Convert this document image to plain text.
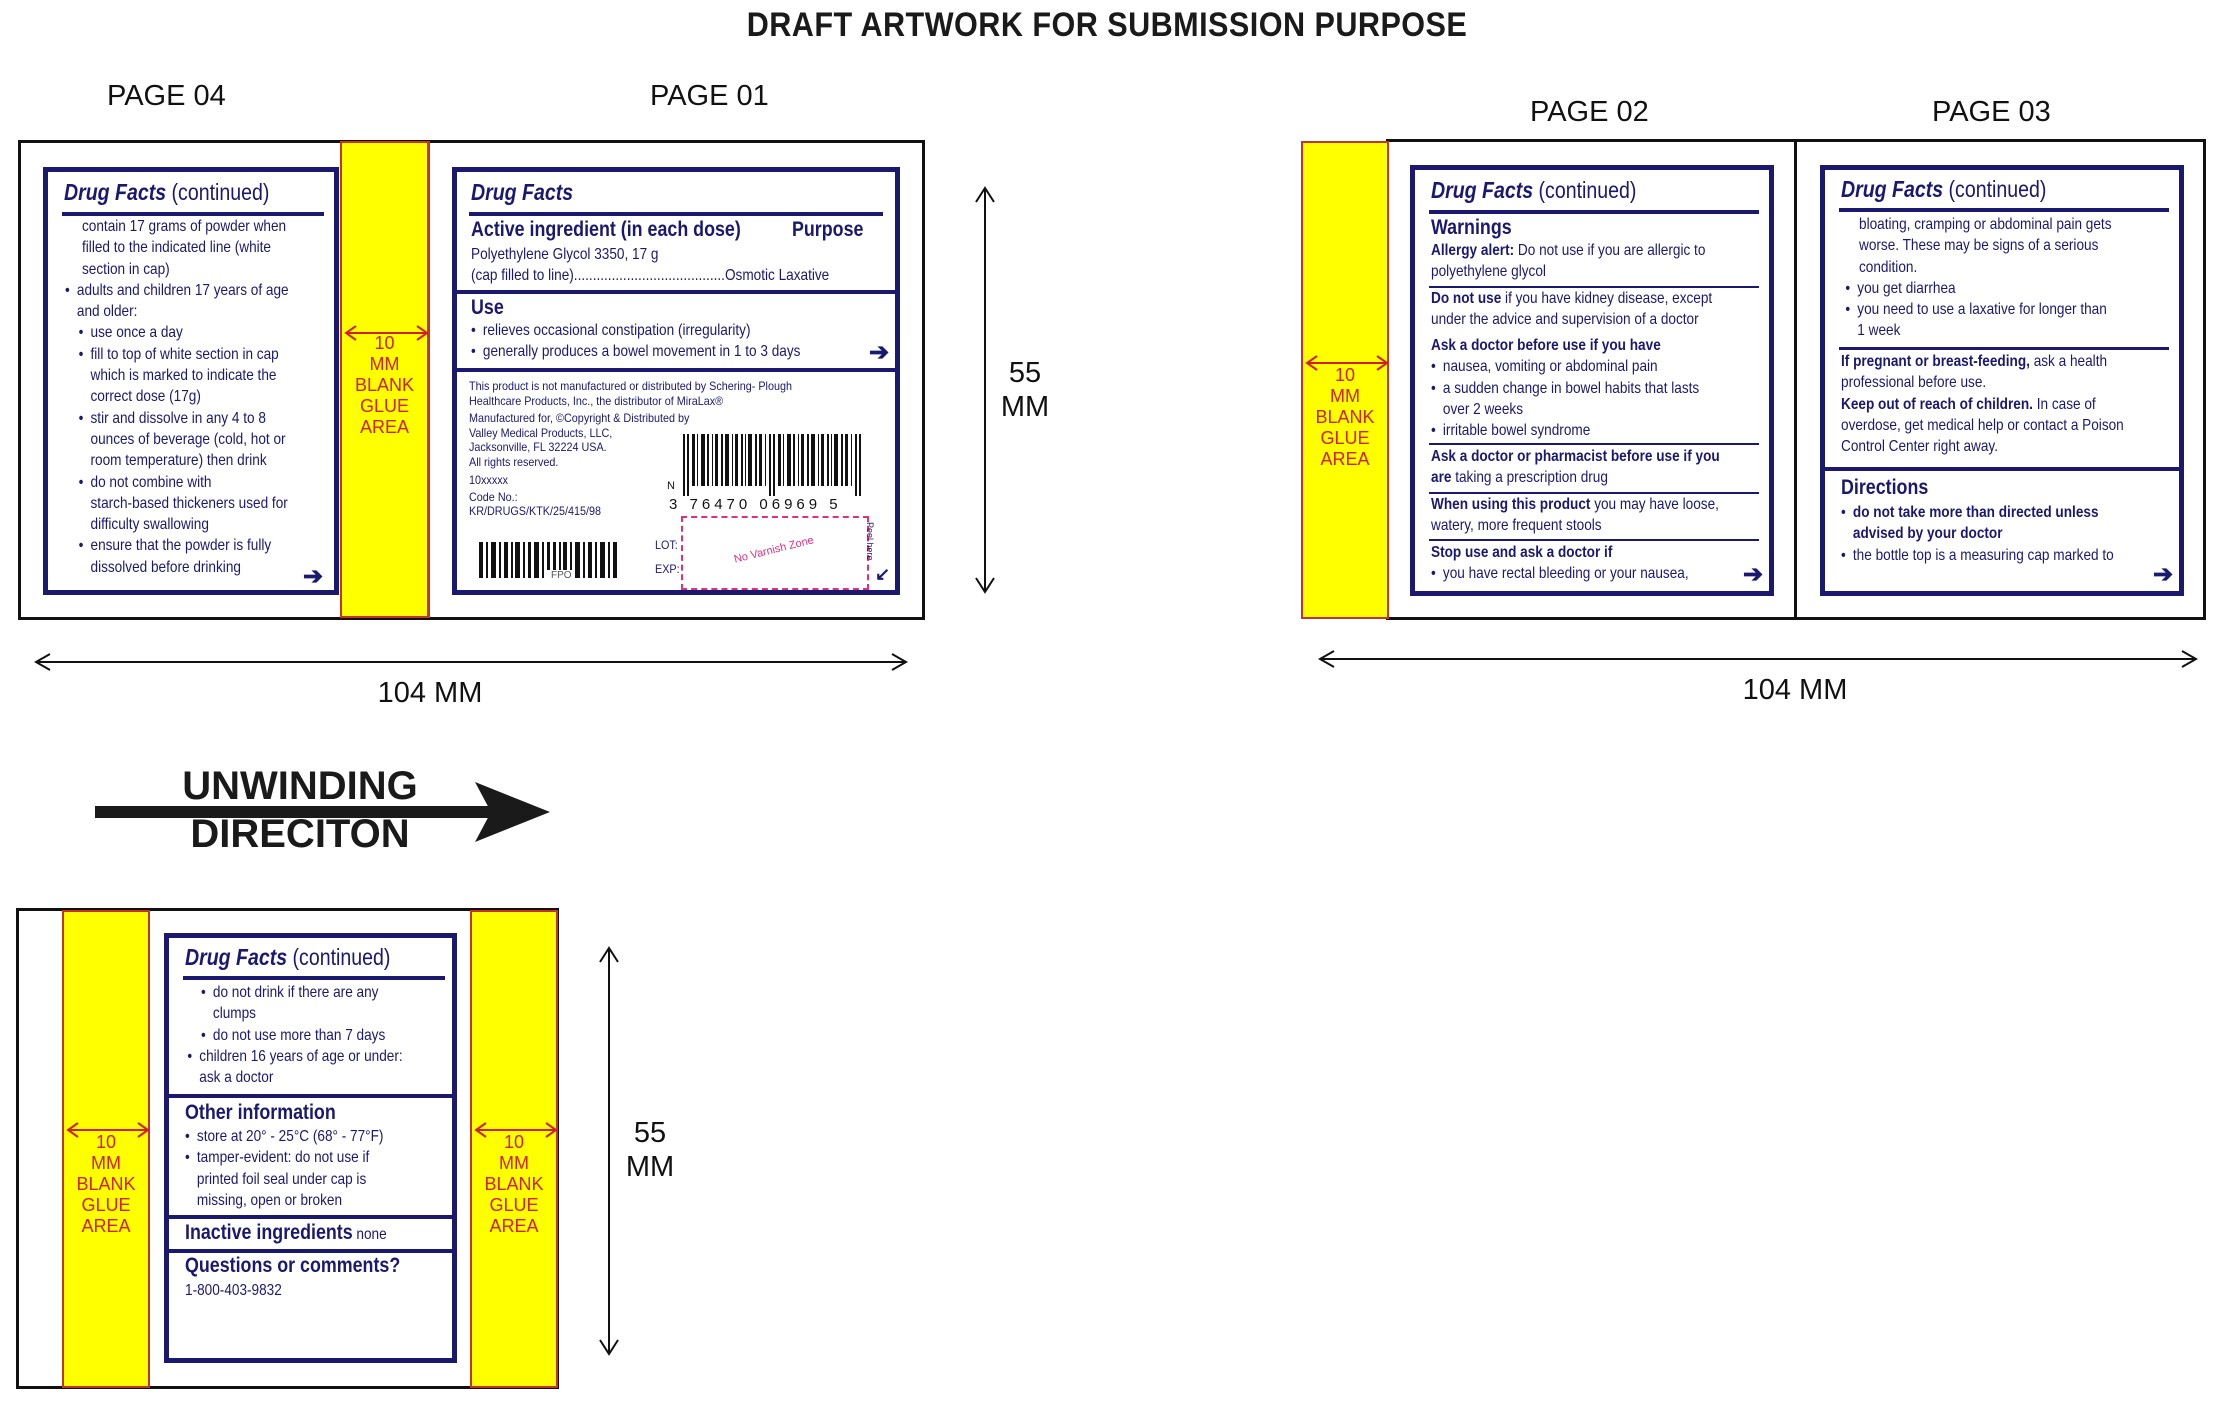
DRAFT ARTWORK FOR SUBMISSION PURPOSE
PAGE 04	PAGE 01
10
MM
BLANK
GLUE
AREA
Drug Facts (continued)
contain 17 grams of powder when
filled to the indicated line (white
section in cap)
• adults and children 17 years of age
and older:
• use once a day
• fill to top of white section in cap
which is marked to indicate the
correct dose (17g)
• stir and dissolve in any 4 to 8
ounces of beverage (cold, hot or
room temperature) then drink
• do not combine with
starch-based thickeners used for
difficulty swallowing
• ensure that the powder is fully
dissolved before drinking	➔
Drug Facts
Active ingredient (in each dose) Purpose
Polyethylene Glycol 3350, 17 g
(cap filled to line)........................................Osmotic Laxative
Use
• relieves occasional constipation (irregularity)
• generally produces a bowel movement in 1 to 3 days	➔
This product is not manufactured or distributed by Schering- Plough
Healthcare Products, Inc., the distributor of MiraLax®
Manufactured for, ©Copyright & Distributed by
Valley Medical Products, LLC,
Jacksonville, FL 32224 USA.
All rights reserved.
10xxxxx
Code No.:
KR/DRUGS/KTK/25/415/98
FPO
N
3 76470 06969 5
LOT:
EXP:
No Varnish Zone	Peel here
↙
55
MM
104 MM
PAGE 02	PAGE 03
10
MM
BLANK
GLUE
AREA
Drug Facts (continued)
Warnings
Allergy alert: Do not use if you are allergic to
polyethylene glycol
Do not use if you have kidney disease, except
under the advice and supervision of a doctor
Ask a doctor before use if you have
• nausea, vomiting or abdominal pain
• a sudden change in bowel habits that lasts
over 2 weeks
• irritable bowel syndrome
Ask a doctor or pharmacist before use if you
are taking a prescription drug
When using this product you may have loose,
watery, more frequent stools
Stop use and ask a doctor if
• you have rectal bleeding or your nausea,	➔
Drug Facts (continued)
bloating, cramping or abdominal pain gets
worse. These may be signs of a serious
condition.
• you get diarrhea
• you need to use a laxative for longer than
1 week
If pregnant or breast-feeding, ask a health
professional before use.
Keep out of reach of children. In case of
overdose, get medical help or contact a Poison
Control Center right away.
Directions
• do not take more than directed unless
advised by your doctor
• the bottle top is a measuring cap marked to
➔
104 MM
UNWINDING
DIRECITON
10
MM
BLANK
GLUE
AREA
10
MM
BLANK
GLUE
AREA
Drug Facts (continued)
• do not drink if there are any
clumps
• do not use more than 7 days
• children 16 years of age or under:
ask a doctor
Other information
• store at 20° - 25°C (68° - 77°F)
• tamper-evident: do not use if
printed foil seal under cap is
missing, open or broken
Inactive ingredients none
Questions or comments?
1-800-403-9832
55
MM
